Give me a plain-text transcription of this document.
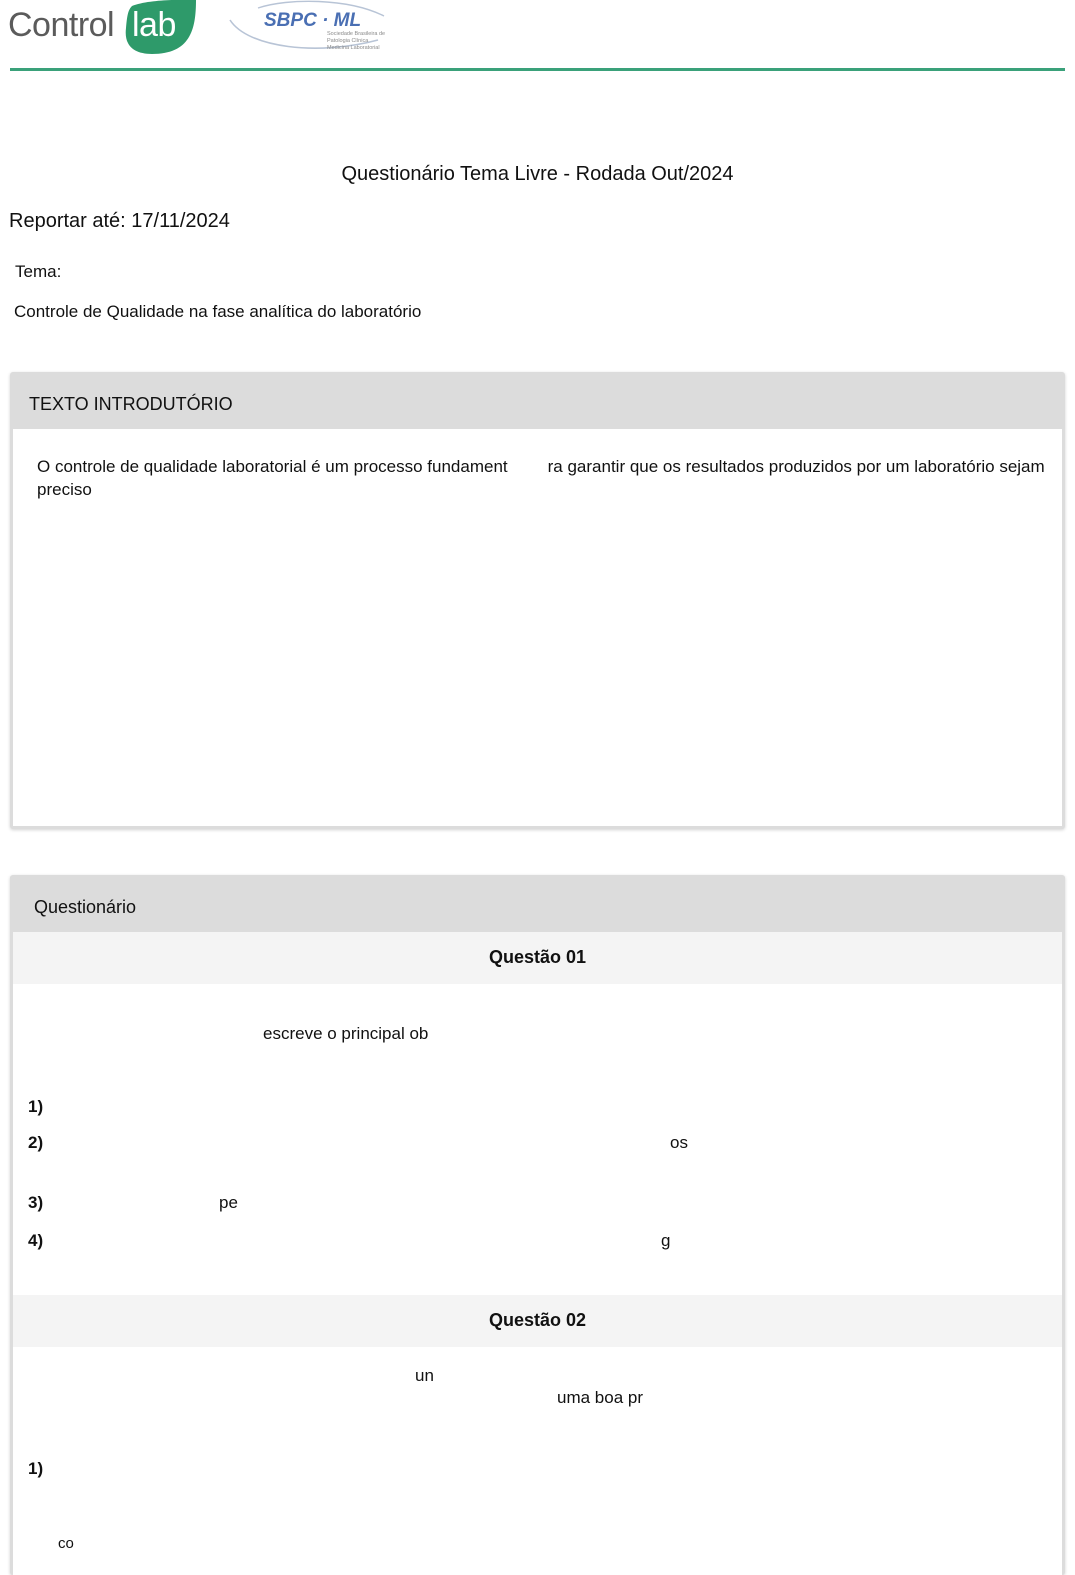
Control lab	SBPC · ML
Sociedade Brasileira de Patologia Clínica Medicina Laboratorial
Questionário Tema Livre - Rodada Out/2024
Reportar até: 17/11/2024
Tema:
Controle de Qualidade na fase analítica do laboratório
TEXTO INTRODUTÓRIO
O controle de qualidade laboratorial é um processo fundament ra garantir que os resultados produzidos por um laboratório sejam preciso
Questionário
Questão 01
escreve o principal ob
1)
2)	os
3)	pe
4)	g
Questão 02
un
uma boa pr
1)
co
